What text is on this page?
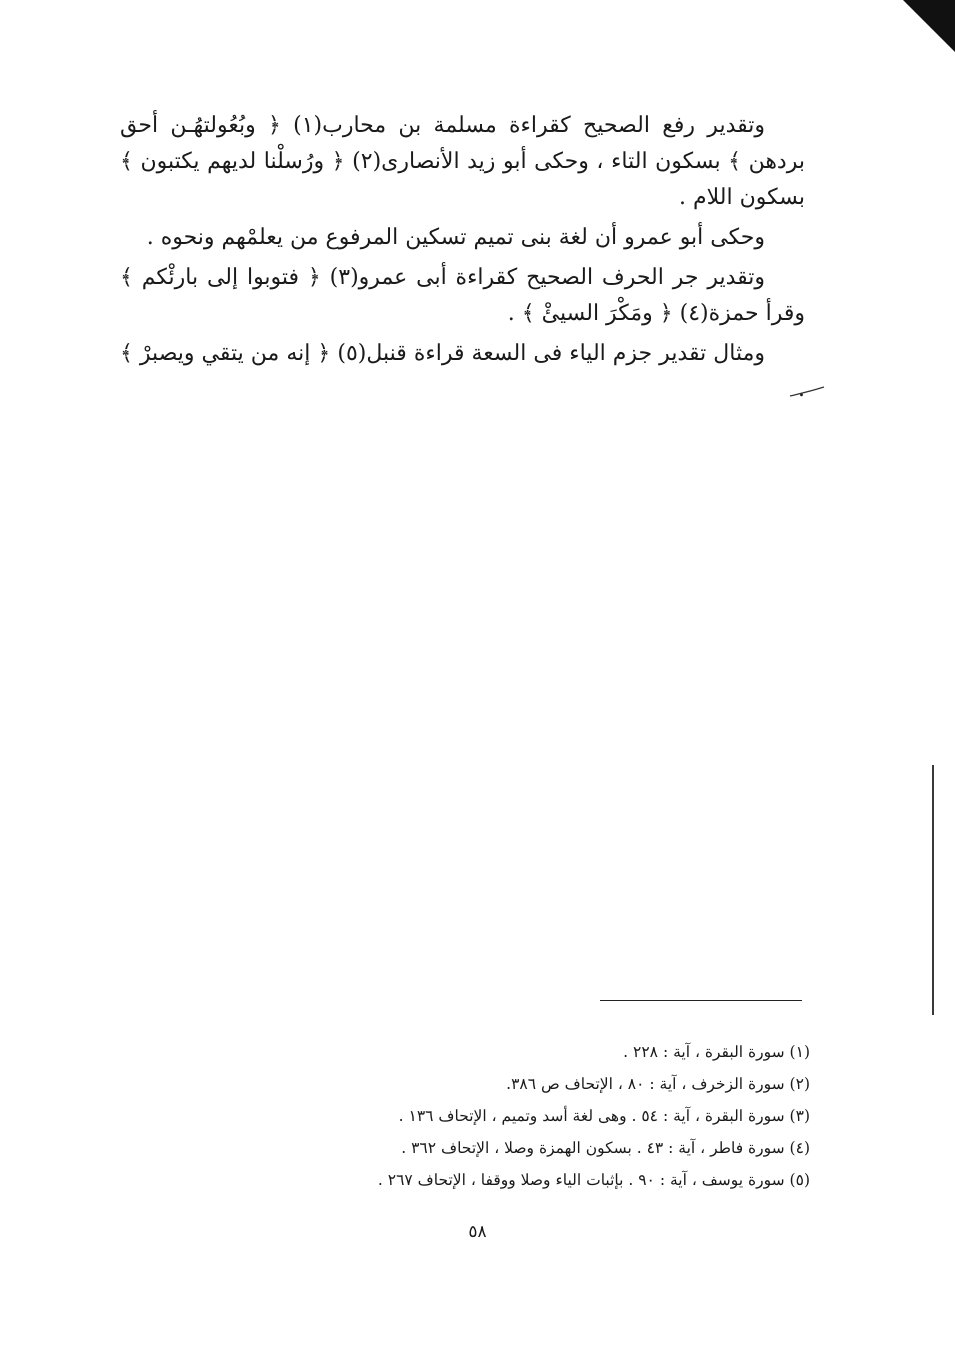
وتقدير رفع الصحيح كقراءة مسلمة بن محارب(١) ﴿ وبُعُولتهُـن أحق بردهن ﴾ بسكون التاء ، وحكى أبو زيد الأنصارى(٢) ﴿ ورُسلْنا لديهم يكتبون ﴾ بسكون اللام .

وحكى أبو عمرو أن لغة بنى تميم تسكين المرفوع من يعلمْهم ونحوه .

وتقدير جر الحرف الصحيح كقراءة أبى عمرو(٣) ﴿ فتوبوا إلى بارئْكم ﴾ وقرأ حمزة(٤) ﴿ ومَكْرَ السيئْ ﴾ .

ومثال تقدير جزم الياء فى السعة قراءة قنبل(٥) ﴿ إنه من يتقي ويصبرْ ﴾ .

(١) سورة البقرة ، آية : ٢٢٨ .
(٢) سورة الزخرف ، آية : ٨٠ ، الإتحاف ص ٣٨٦.
(٣) سورة البقرة ، آية : ٥٤ . وهى لغة أسد وتميم ، الإتحاف ١٣٦ .
(٤) سورة فاطر ، آية : ٤٣ . بسكون الهمزة وصلا ، الإتحاف ٣٦٢ .
(٥) سورة يوسف ، آية : ٩٠ . بإثبات الياء وصلا ووقفا ، الإتحاف ٢٦٧ .
٥٨
